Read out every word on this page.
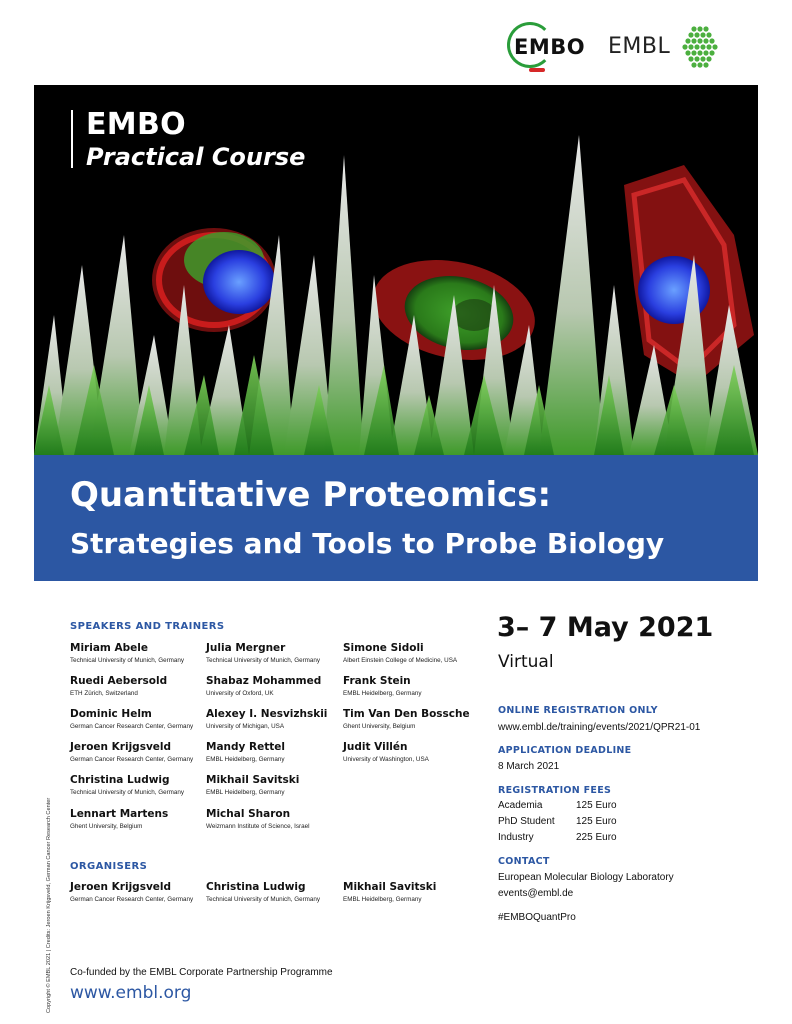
EMBO EMBL
EMBO
Practical Course
Quantitative Proteomics:
Strategies and Tools to Probe Biology
SPEAKERS AND TRAINERS
Miriam Abele
Technical University of Munich, Germany
Julia Mergner
Technical University of Munich, Germany
Simone Sidoli
Albert Einstein College of Medicine, USA
Ruedi Aebersold
ETH Zürich, Switzerland
Shabaz Mohammed
University of Oxford, UK
Frank Stein
EMBL Heidelberg, Germany
Dominic Helm
German Cancer Research Center, Germany
Alexey I. Nesvizhskii
University of Michigan, USA
Tim Van Den Bossche
Ghent University, Belgium
Jeroen Krijgsveld
German Cancer Research Center, Germany
Mandy Rettel
EMBL Heidelberg, Germany
Judit Villén
University of Washington, USA
Christina Ludwig
Technical University of Munich, Germany
Mikhail Savitski
EMBL Heidelberg, Germany
Lennart Martens
Ghent University, Belgium
Michal Sharon
Weizmann Institute of Science, Israel
ORGANISERS
Jeroen Krijgsveld
German Cancer Research Center, Germany
Christina Ludwig
Technical University of Munich, Germany
Mikhail Savitski
EMBL Heidelberg, Germany
3– 7 May 2021
Virtual
ONLINE REGISTRATION ONLY
www.embl.de/training/events/2021/QPR21-01
APPLICATION DEADLINE
8 March 2021
REGISTRATION FEES
Academia	125 Euro
PhD Student 125 Euro
Industry	225 Euro
CONTACT
European Molecular Biology Laboratory
events@embl.de
#EMBOQuantPro
Co-funded by the EMBL Corporate Partnership Programme
www.embl.org
Copyright © EMBL 2021 | Credits: Jeroen Krijgsveld, German Cancer Research Center
